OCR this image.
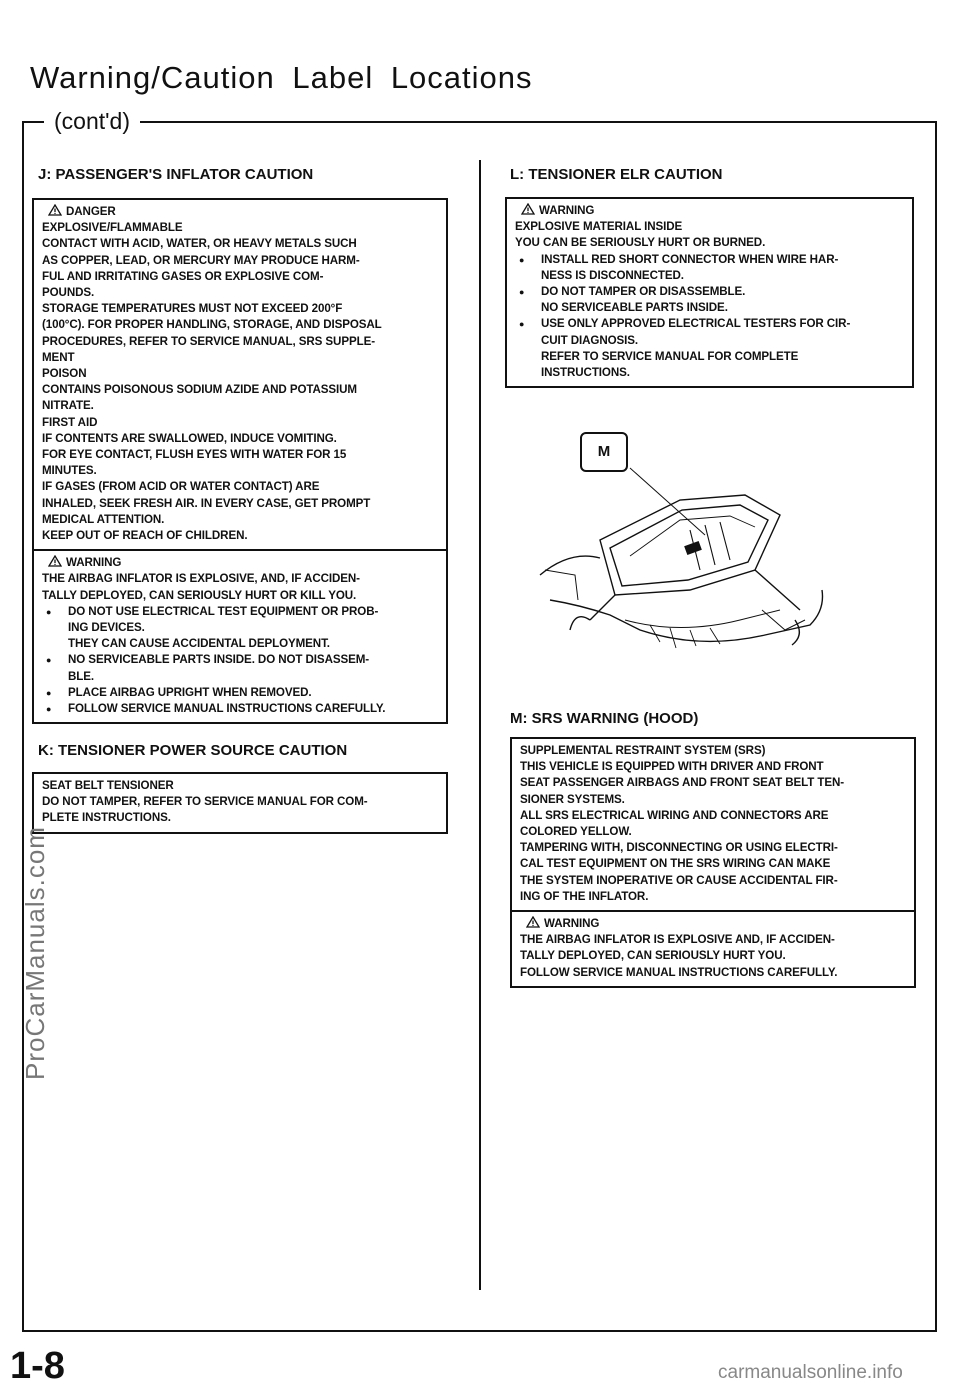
Warning/Caution Label Locations
(cont'd)
J: PASSENGER'S INFLATOR CAUTION
DANGER
EXPLOSIVE/FLAMMABLE
CONTACT WITH ACID, WATER, OR HEAVY METALS SUCH
AS COPPER, LEAD, OR MERCURY MAY PRODUCE HARM-
FUL AND IRRITATING GASES OR EXPLOSIVE COM-
POUNDS.
STORAGE TEMPERATURES MUST NOT EXCEED 200°F
(100°C). FOR PROPER HANDLING, STORAGE, AND DISPOSAL
PROCEDURES, REFER TO SERVICE MANUAL, SRS SUPPLE-
MENT
POISON
CONTAINS POISONOUS SODIUM AZIDE AND POTASSIUM
NITRATE.
FIRST AID
IF CONTENTS ARE SWALLOWED, INDUCE VOMITING.
FOR EYE CONTACT, FLUSH EYES WITH WATER FOR 15
MINUTES.
IF GASES (FROM ACID OR WATER CONTACT) ARE
INHALED, SEEK FRESH AIR. IN EVERY CASE, GET PROMPT
MEDICAL ATTENTION.
KEEP OUT OF REACH OF CHILDREN.
WARNING
THE AIRBAG INFLATOR IS EXPLOSIVE, AND, IF ACCIDEN-
TALLY DEPLOYED, CAN SERIOUSLY HURT OR KILL YOU.
● DO NOT USE ELECTRICAL TEST EQUIPMENT OR PROB-
ING DEVICES.
THEY CAN CAUSE ACCIDENTAL DEPLOYMENT.
● NO SERVICEABLE PARTS INSIDE. DO NOT DISASSEM-
BLE.
● PLACE AIRBAG UPRIGHT WHEN REMOVED.
● FOLLOW SERVICE MANUAL INSTRUCTIONS CAREFULLY.
K: TENSIONER POWER SOURCE CAUTION
SEAT BELT TENSIONER
DO NOT TAMPER, REFER TO SERVICE MANUAL FOR COM-
PLETE INSTRUCTIONS.
L: TENSIONER ELR CAUTION
WARNING
EXPLOSIVE MATERIAL INSIDE
YOU CAN BE SERIOUSLY HURT OR BURNED.
● INSTALL RED SHORT CONNECTOR WHEN WIRE HAR-
NESS IS DISCONNECTED.
● DO NOT TAMPER OR DISASSEMBLE.
NO SERVICEABLE PARTS INSIDE.
● USE ONLY APPROVED ELECTRICAL TESTERS FOR CIR-
CUIT DIAGNOSIS.
REFER TO SERVICE MANUAL FOR COMPLETE
INSTRUCTIONS.
M
M: SRS WARNING (HOOD)
SUPPLEMENTAL RESTRAINT SYSTEM (SRS)
THIS VEHICLE IS EQUIPPED WITH DRIVER AND FRONT
SEAT PASSENGER AIRBAGS AND FRONT SEAT BELT TEN-
SIONER SYSTEMS.
ALL SRS ELECTRICAL WIRING AND CONNECTORS ARE
COLORED YELLOW.
TAMPERING WITH, DISCONNECTING OR USING ELECTRI-
CAL TEST EQUIPMENT ON THE SRS WIRING CAN MAKE
THE SYSTEM INOPERATIVE OR CAUSE ACCIDENTAL FIR-
ING OF THE INFLATOR.
WARNING
THE AIRBAG INFLATOR IS EXPLOSIVE AND, IF ACCIDEN-
TALLY DEPLOYED, CAN SERIOUSLY HURT YOU.
FOLLOW SERVICE MANUAL INSTRUCTIONS CAREFULLY.
1-8
ProCarManuals.com
carmanualsonline.info
